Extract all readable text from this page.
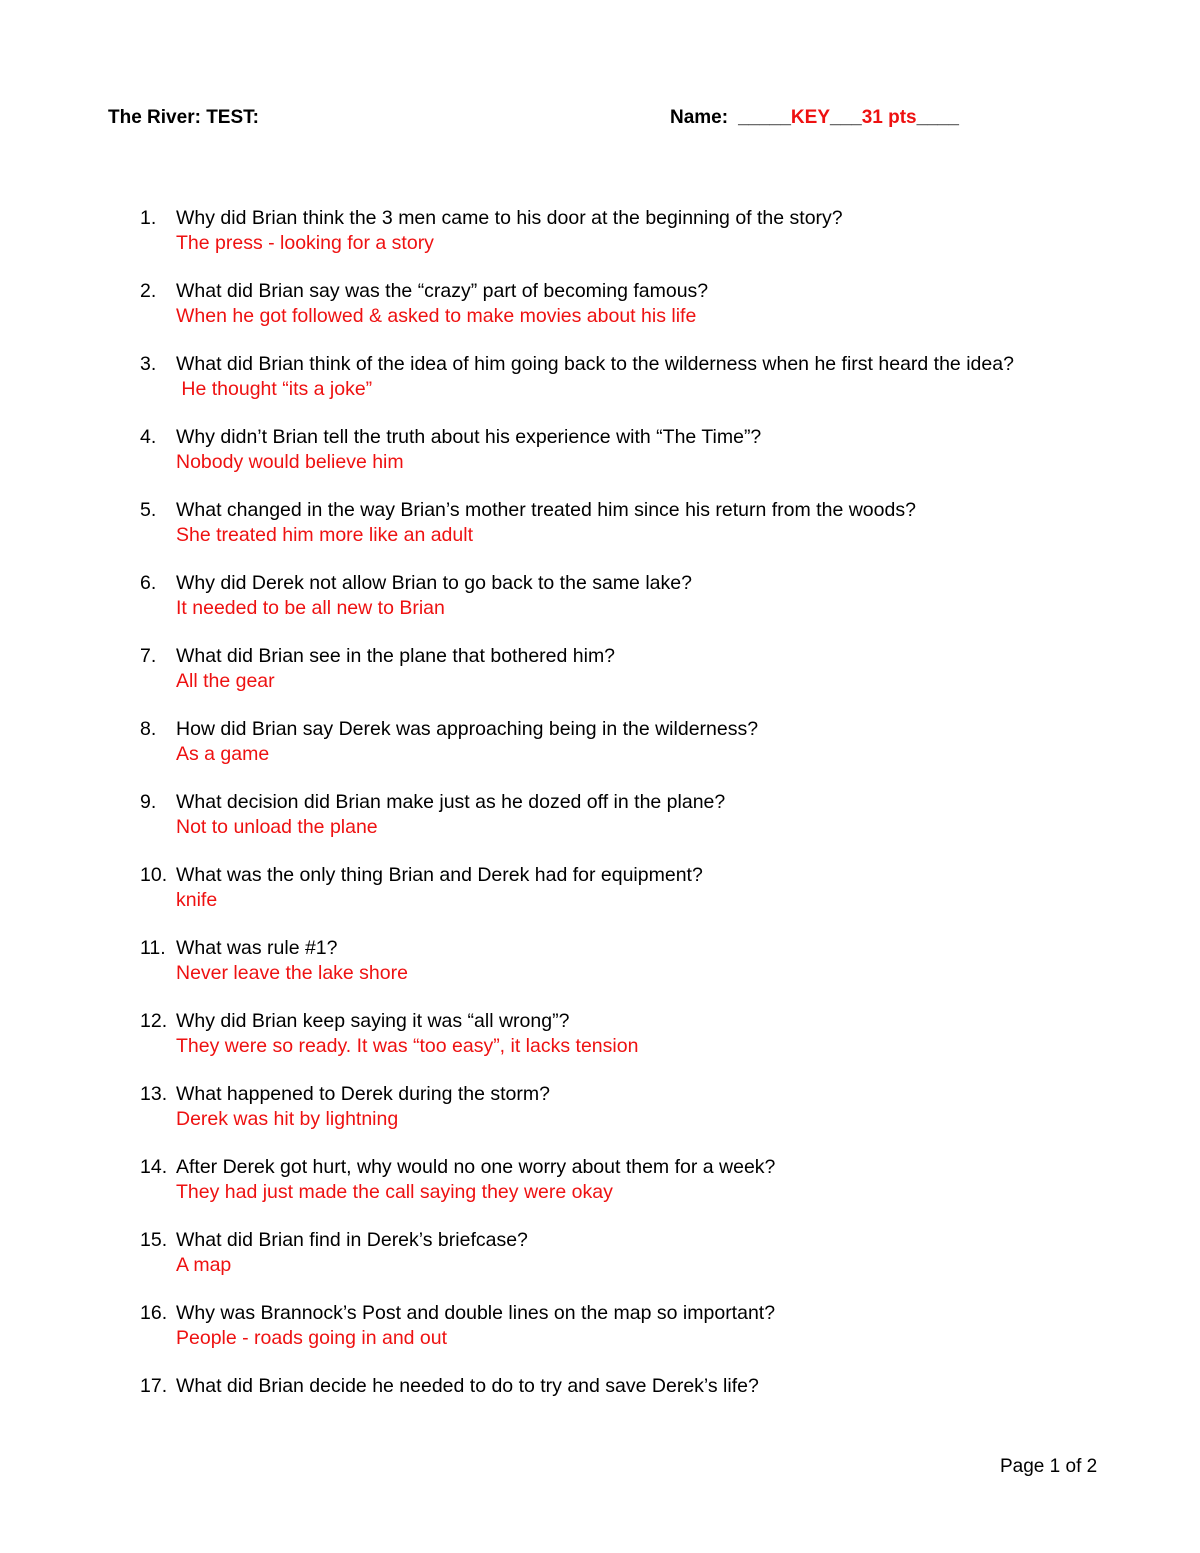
The River: TEST:	Name: _____KEY___31 pts____
1.	Why did Brian think the 3 men came to his door at the beginning of the story?
The press - looking for a story
2.	What did Brian say was the “crazy” part of becoming famous?
When he got followed & asked to make movies about his life
3.	What did Brian think of the idea of him going back to the wilderness when he first heard the idea?
He thought “its a joke”
4.	Why didn’t Brian tell the truth about his experience with “The Time”?
Nobody would believe him
5.	What changed in the way Brian’s mother treated him since his return from the woods?
She treated him more like an adult
6.	Why did Derek not allow Brian to go back to the same lake?
It needed to be all new to Brian
7.	What did Brian see in the plane that bothered him?
All the gear
8.	How did Brian say Derek was approaching being in the wilderness?
As a game
9.	What decision did Brian make just as he dozed off in the plane?
Not to unload the plane
10. What was the only thing Brian and Derek had for equipment?
knife
11. What was rule #1?
Never leave the lake shore
12. Why did Brian keep saying it was “all wrong”?
They were so ready. It was “too easy”, it lacks tension
13. What happened to Derek during the storm?
Derek was hit by lightning
14. After Derek got hurt, why would no one worry about them for a week?
They had just made the call saying they were okay
15. What did Brian find in Derek’s briefcase?
A map
16. Why was Brannock’s Post and double lines on the map so important?
People - roads going in and out
17. What did Brian decide he needed to do to try and save Derek’s life?
Page 1 of 2
